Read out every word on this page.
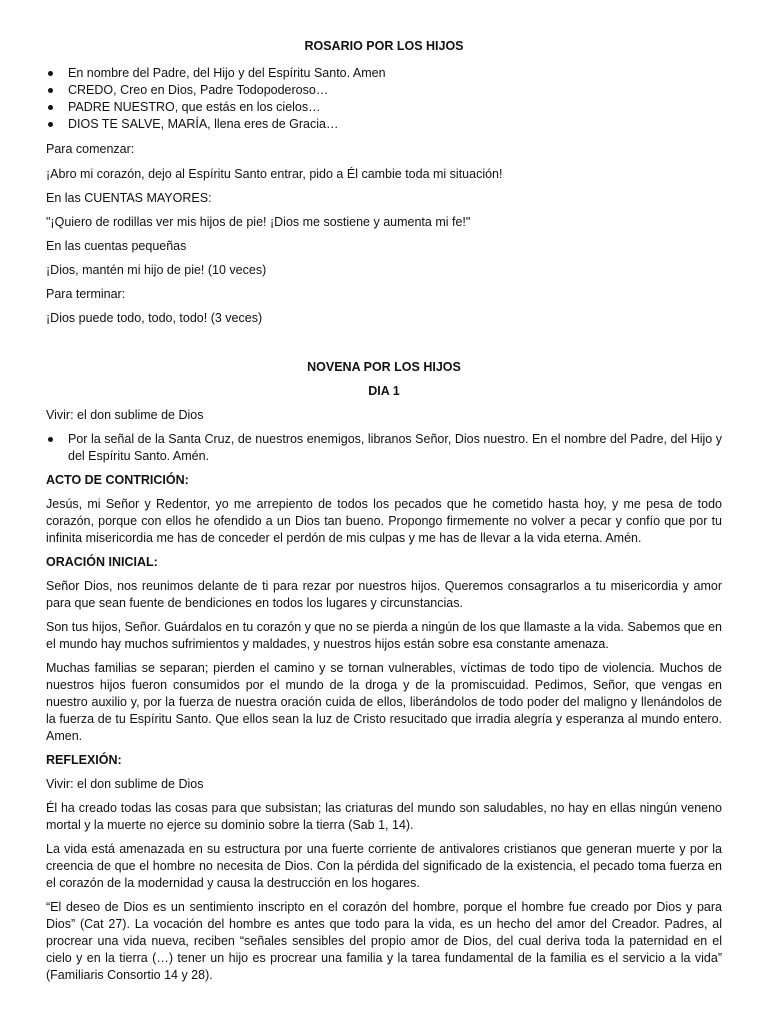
ROSARIO POR LOS HIJOS

En nombre del Padre, del Hijo y del Espíritu Santo. Amen
CREDO, Creo en Dios, Padre Todopoderoso…
PADRE NUESTRO, que estás en los cielos…
DIOS TE SALVE, MARÍA, llena eres de Gracia…

Para comenzar:

¡Abro mi corazón, dejo al Espíritu Santo entrar, pido a Él cambie toda mi situación!

En las CUENTAS MAYORES:

"¡Quiero de rodillas ver mis hijos de pie! ¡Dios me sostiene y aumenta mi fe!"

En las cuentas pequeñas

¡Dios, mantén mi hijo de pie! (10 veces)

Para terminar:

¡Dios puede todo, todo, todo! (3 veces)

NOVENA POR LOS HIJOS

DIA 1

Vivir: el don sublime de Dios

Por la señal de la Santa Cruz, de nuestros enemigos, libranos Señor, Dios nuestro. En el nombre del Padre, del Hijo y del Espíritu Santo. Amén.

ACTO DE CONTRICIÓN:

Jesús, mi Señor y Redentor, yo me arrepiento de todos los pecados que he cometido hasta hoy, y me pesa de todo corazón, porque con ellos he ofendido a un Dios tan bueno. Propongo firmemente no volver a pecar y confío que por tu infinita misericordia me has de conceder el perdón de mis culpas y me has de llevar a la vida eterna. Amén.

ORACIÓN INICIAL:

Señor Dios, nos reunimos delante de ti para rezar por nuestros hijos. Queremos consagrarlos a tu misericordia y amor para que sean fuente de bendiciones en todos los lugares y circunstancias.

Son tus hijos, Señor. Guárdalos en tu corazón y que no se pierda a ningún de los que llamaste a la vida. Sabemos que en el mundo hay muchos sufrimientos y maldades, y nuestros hijos están sobre esa constante amenaza.

Muchas familias se separan; pierden el camino y se tornan vulnerables, víctimas de todo tipo de violencia. Muchos de nuestros hijos fueron consumidos por el mundo de la droga y de la promiscuidad. Pedimos, Señor, que vengas en nuestro auxilio y, por la fuerza de nuestra oración cuida de ellos, liberándolos de todo poder del maligno y llenándolos de la fuerza de tu Espíritu Santo. Que ellos sean la luz de Cristo resucitado que irradia alegría y esperanza al mundo entero. Amen.

REFLEXIÓN:

Vivir: el don sublime de Dios

Él ha creado todas las cosas para que subsistan; las criaturas del mundo son saludables, no hay en ellas ningún veneno mortal y la muerte no ejerce su dominio sobre la tierra (Sab 1, 14).

La vida está amenazada en su estructura por una fuerte corriente de antivalores cristianos que generan muerte y por la creencia de que el hombre no necesita de Dios. Con la pérdida del significado de la existencia, el pecado toma fuerza en el corazón de la modernidad y causa la destrucción en los hogares.

“El deseo de Dios es un sentimiento inscripto en el corazón del hombre, porque el hombre fue creado por Dios y para Dios” (Cat 27). La vocación del hombre es antes que todo para la vida, es un hecho del amor del Creador. Padres, al procrear una vida nueva, reciben “señales sensibles del propio amor de Dios, del cual deriva toda la paternidad en el cielo y en la tierra (…) tener un hijo es procrear una familia y la tarea fundamental de la familia es el servicio a la vida” (Familiaris Consortio 14 y 28).
